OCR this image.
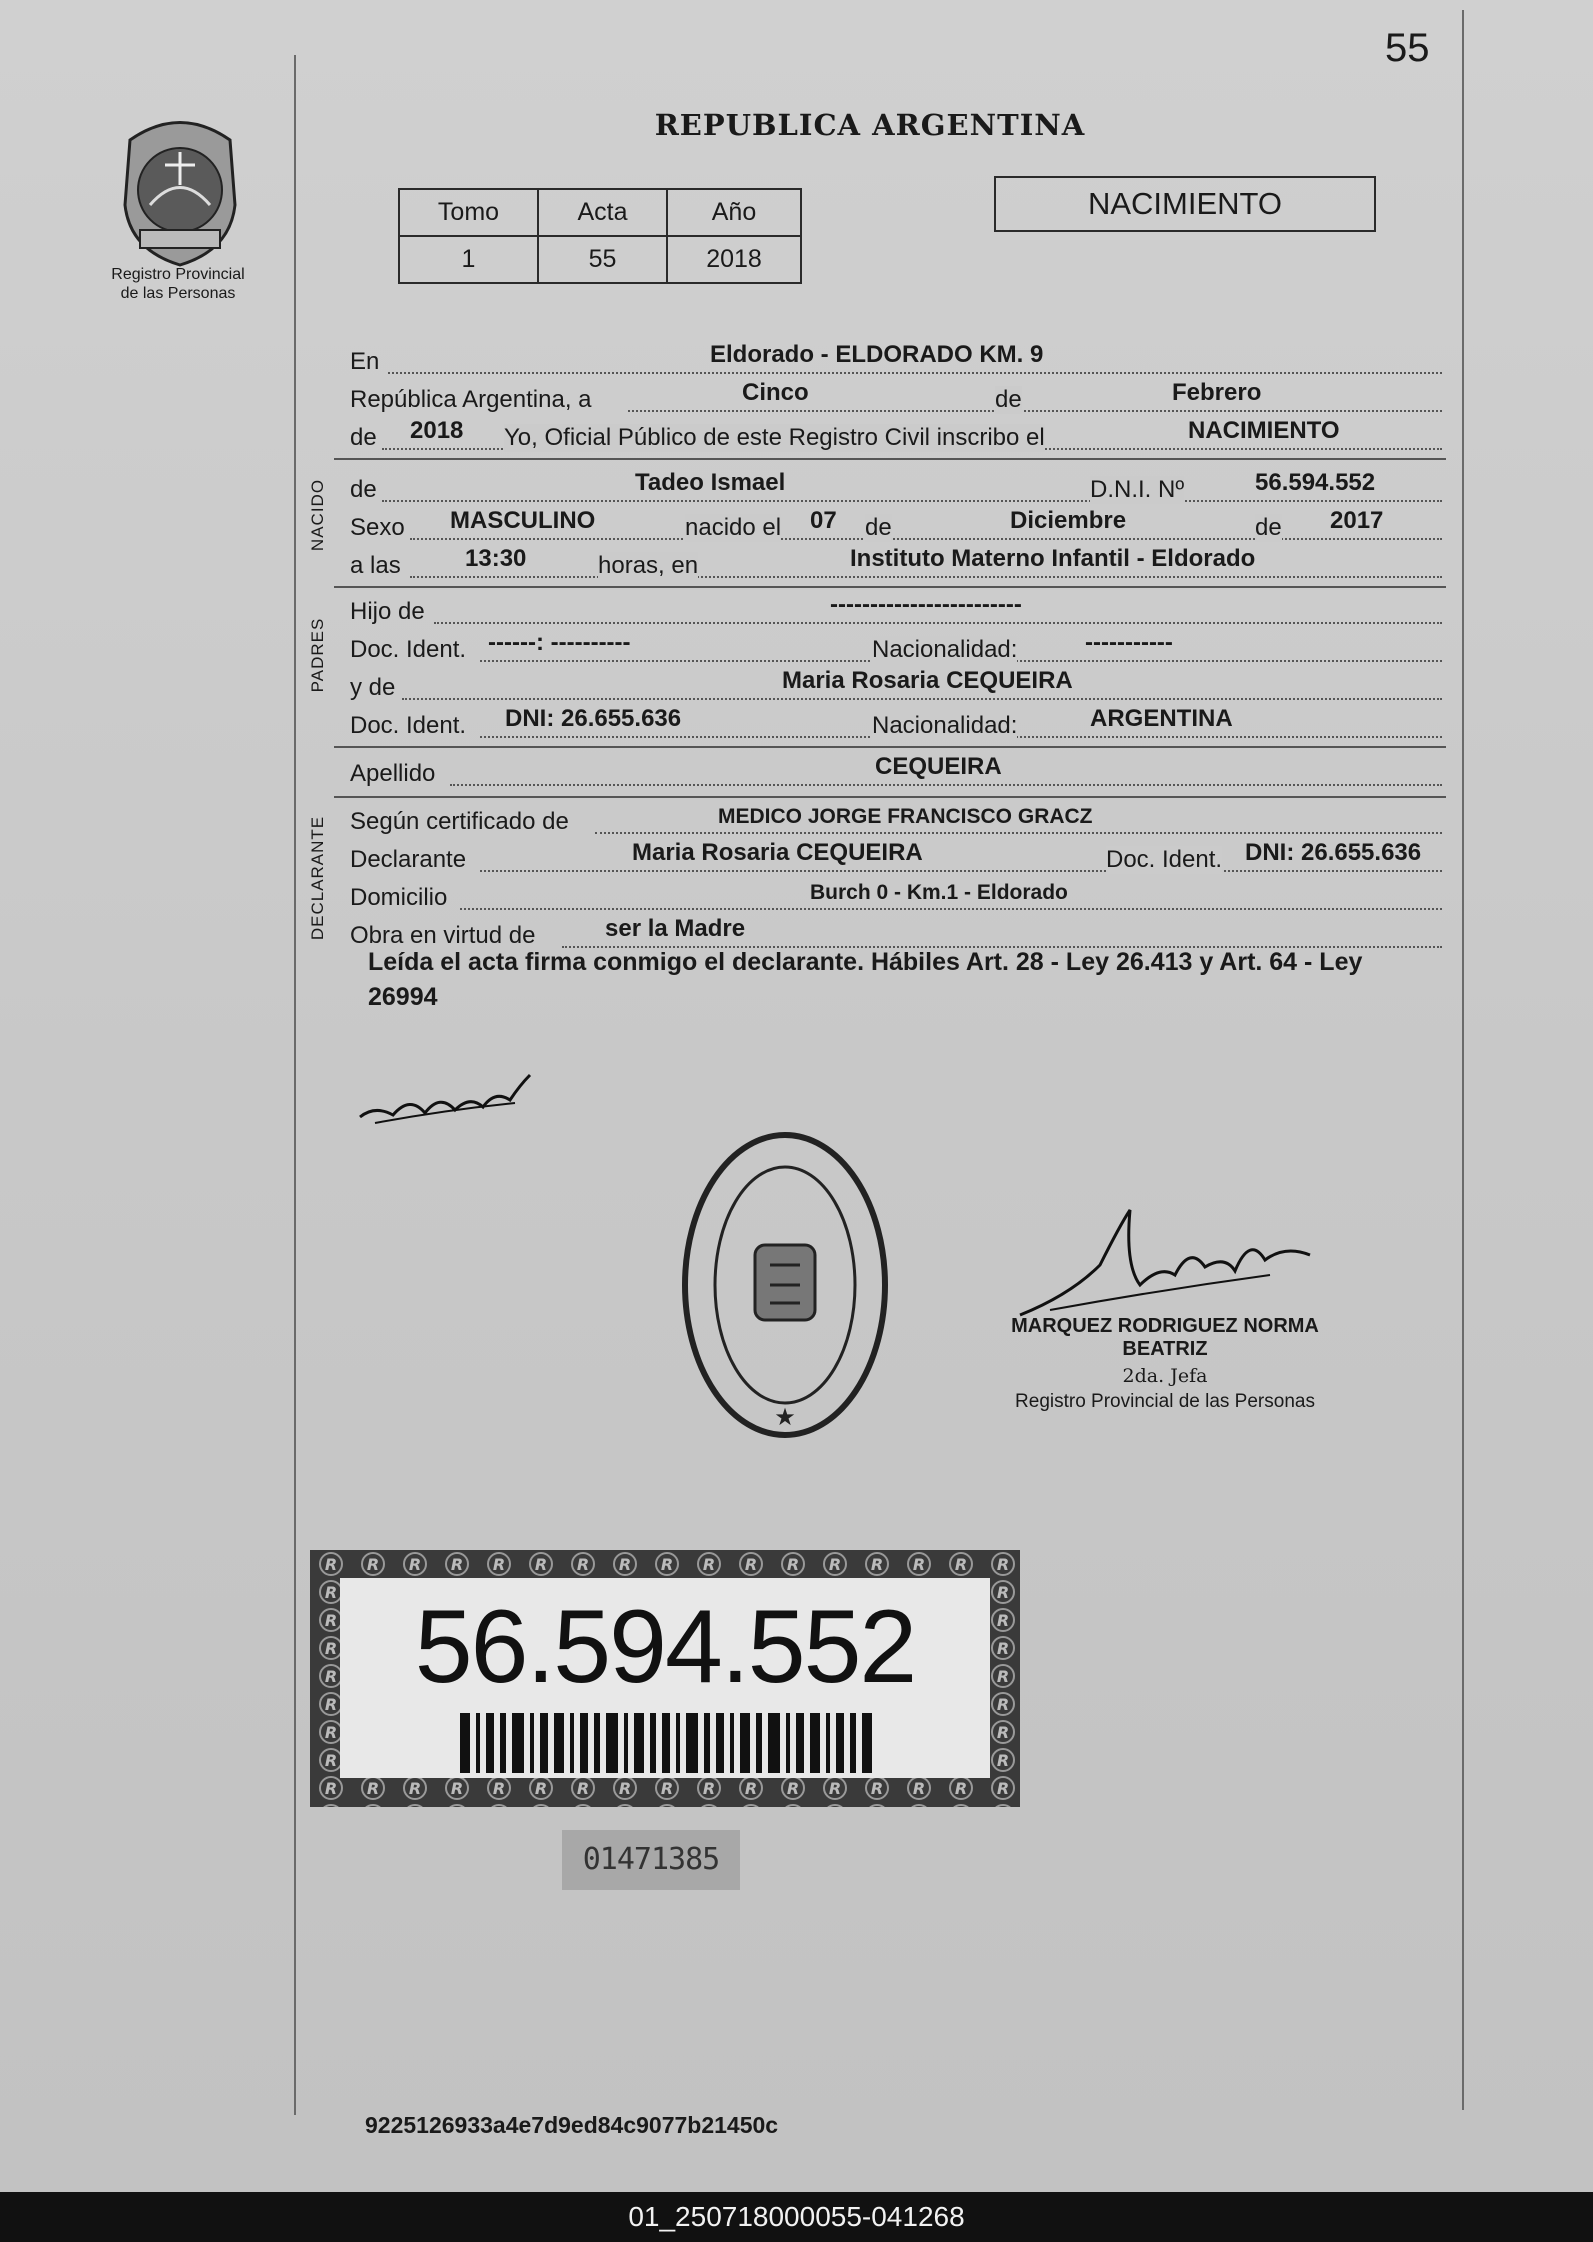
55
Registro Provincial
de las Personas
REPUBLICA ARGENTINA
Tomo	Acta	Año
1	55	2018
NACIMIENTO
En	Eldorado - ELDORADO KM. 9
República Argentina, a	Cinco	de	Febrero
de 2018 Yo, Oficial Público de este Registro Civil inscribo el	NACIMIENTO
NACIDO de	Tadeo Ismael	D.N.I. Nº	56.594.552
Sexo MASCULINO	nacido el 07 de	Diciembre	de 2017
a las	13:30	horas, en	Instituto Materno Infantil - Eldorado
PADRES
Hijo de	------------------------
Doc. Ident. ------: ----------	Nacionalidad:	-----------
y de	Maria Rosaria CEQUEIRA
Doc. Ident. DNI: 26.655.636	Nacionalidad:	ARGENTINA
Apellido	CEQUEIRA
DECLARANTE Según certificado de	MEDICO JORGE FRANCISCO GRACZ
Declarante	Maria Rosaria CEQUEIRA	Doc. Ident. DNI: 26.655.636
Domicilio	Burch 0 - Km.1 - Eldorado
Obra en virtud de	ser la Madre
Leída el acta firma conmigo el declarante. Hábiles Art. 28 - Ley 26.413 y Art. 64 - Ley 26994
★
MARQUEZ RODRIGUEZ NORMA BEATRIZ
2da. Jefa
Registro Provincial de las Personas
56.594.552
01471385
9225126933a4e7d9ed84c9077b21450c
01_250718000055-041268
